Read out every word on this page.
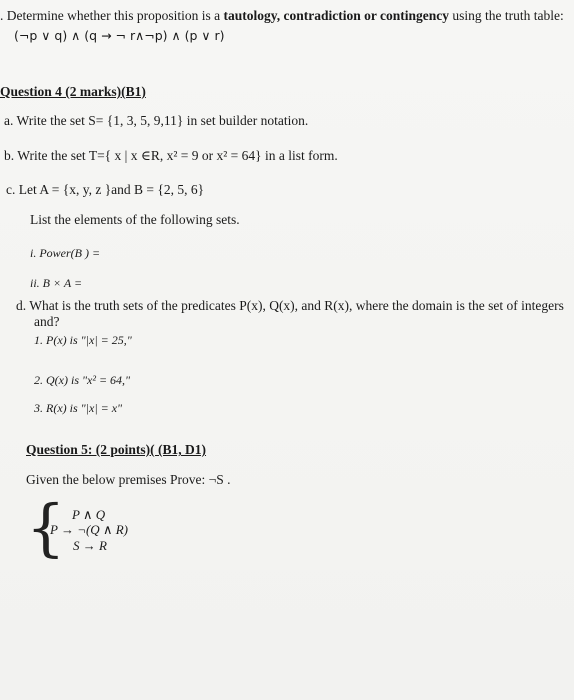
. Determine whether this proposition is a tautology, contradiction or contingency using the truth table:
(¬p ∨ q) ∧ (q → ¬ r∧¬p) ∧ (p ∨ r)
Question 4 (2 marks)(B1)
a. Write the set S= {1, 3, 5, 9,11} in set builder notation.
b. Write the set T={ x | x ∈R, x² = 9 or x² = 64} in a list form.
c. Let A = {x, y, z }and B = {2, 5, 6}
List the elements of the following sets.
i. Power(B ) =
ii. B × A =
d. What is the truth sets of the predicates P(x), Q(x), and R(x), where the domain is the set of integers
and?
1. P(x) is "|x| = 25,"
2. Q(x) is "x² = 64,"
3. R(x) is "|x| = x"
Question 5: (2 points)( (B1, D1)
Given the below premises Prove: ¬S .
{ P ∧ Q
P → ¬(Q ∧ R)
S → R
